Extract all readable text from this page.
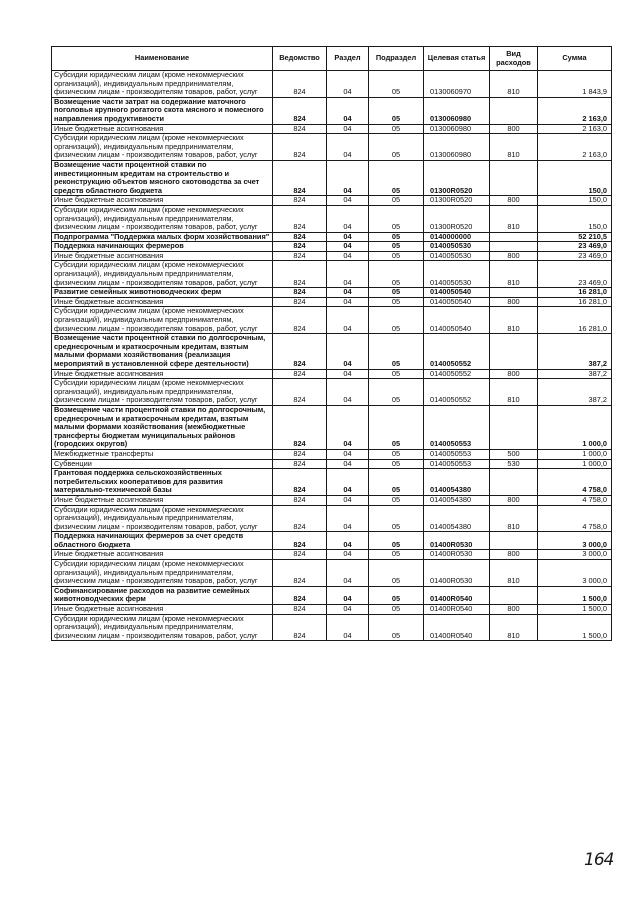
Наименование	Ведомство	Раздел	Подраздел	Целевая статья	Вид расходов	Сумма
Субсидии юридическим лицам (кроме некоммерческих организаций), индивидуальным предпринимателям, физическим лицам - производителям товаров, работ, услуг	824	04	05	0130060970	810	1 843,9
Возмещение части затрат на содержание маточного поголовья крупного рогатого скота мясного и помесного направления продуктивности	824	04	05	0130060980		2 163,0
Иные бюджетные ассигнования	824	04	05	0130060980	800	2 163,0
Субсидии юридическим лицам (кроме некоммерческих организаций), индивидуальным предпринимателям, физическим лицам - производителям товаров, работ, услуг	824	04	05	0130060980	810	2 163,0
Возмещение части процентной ставки по инвестиционным кредитам на строительство и реконструкцию объектов мясного скотоводства за счет средств областного бюджета	824	04	05	01300R0520		150,0
Иные бюджетные ассигнования	824	04	05	01300R0520	800	150,0
Субсидии юридическим лицам (кроме некоммерческих организаций), индивидуальным предпринимателям, физическим лицам - производителям товаров, работ, услуг	824	04	05	01300R0520	810	150,0
Подпрограмма "Поддержка малых форм хозяйствования"	824	04	05	0140000000		52 210,5
Поддержка начинающих фермеров	824	04	05	0140050530		23 469,0
Иные бюджетные ассигнования	824	04	05	0140050530	800	23 469,0
Субсидии юридическим лицам (кроме некоммерческих организаций), индивидуальным предпринимателям, физическим лицам - производителям товаров, работ, услуг	824	04	05	0140050530	810	23 469,0
Развитие семейных животноводческих ферм	824	04	05	0140050540		16 281,0
Иные бюджетные ассигнования	824	04	05	0140050540	800	16 281,0
Субсидии юридическим лицам (кроме некоммерческих организаций), индивидуальным предпринимателям, физическим лицам - производителям товаров, работ, услуг	824	04	05	0140050540	810	16 281,0
Возмещение части процентной ставки по долгосрочным, среднесрочным и краткосрочным кредитам, взятым малыми формами хозяйствования (реализация мероприятий в установленной сфере деятельности)	824	04	05	0140050552		387,2
Иные бюджетные ассигнования	824	04	05	0140050552	800	387,2
Субсидии юридическим лицам (кроме некоммерческих организаций), индивидуальным предпринимателям, физическим лицам - производителям товаров, работ, услуг	824	04	05	0140050552	810	387,2
Возмещение части процентной ставки по долгосрочным, среднесрочным и краткосрочным кредитам, взятым малыми формами хозяйствования (межбюджетные трансферты бюджетам муниципальных районов (городских округов)	824	04	05	0140050553		1 000,0
Межбюджетные трансферты	824	04	05	0140050553	500	1 000,0
Субвенции	824	04	05	0140050553	530	1 000,0
Грантовая поддержка сельскохозяйственных потребительских кооперативов для развития материально-технической базы	824	04	05	0140054380		4 758,0
Иные бюджетные ассигнования	824	04	05	0140054380	800	4 758,0
Субсидии юридическим лицам (кроме некоммерческих организаций), индивидуальным предпринимателям, физическим лицам - производителям товаров, работ, услуг	824	04	05	0140054380	810	4 758,0
Поддержка начинающих фермеров за счет средств областного бюджета	824	04	05	01400R0530		3 000,0
Иные бюджетные ассигнования	824	04	05	01400R0530	800	3 000,0
Субсидии юридическим лицам (кроме некоммерческих организаций), индивидуальным предпринимателям, физическим лицам - производителям товаров, работ, услуг	824	04	05	01400R0530	810	3 000,0
Софинансирование расходов на развитие семейных животноводческих ферм	824	04	05	01400R0540		1 500,0
Иные бюджетные ассигнования	824	04	05	01400R0540	800	1 500,0
Субсидии юридическим лицам (кроме некоммерческих организаций), индивидуальным предпринимателям, физическим лицам - производителям товаров, работ, услуг	824	04	05	01400R0540	810	1 500,0
164
